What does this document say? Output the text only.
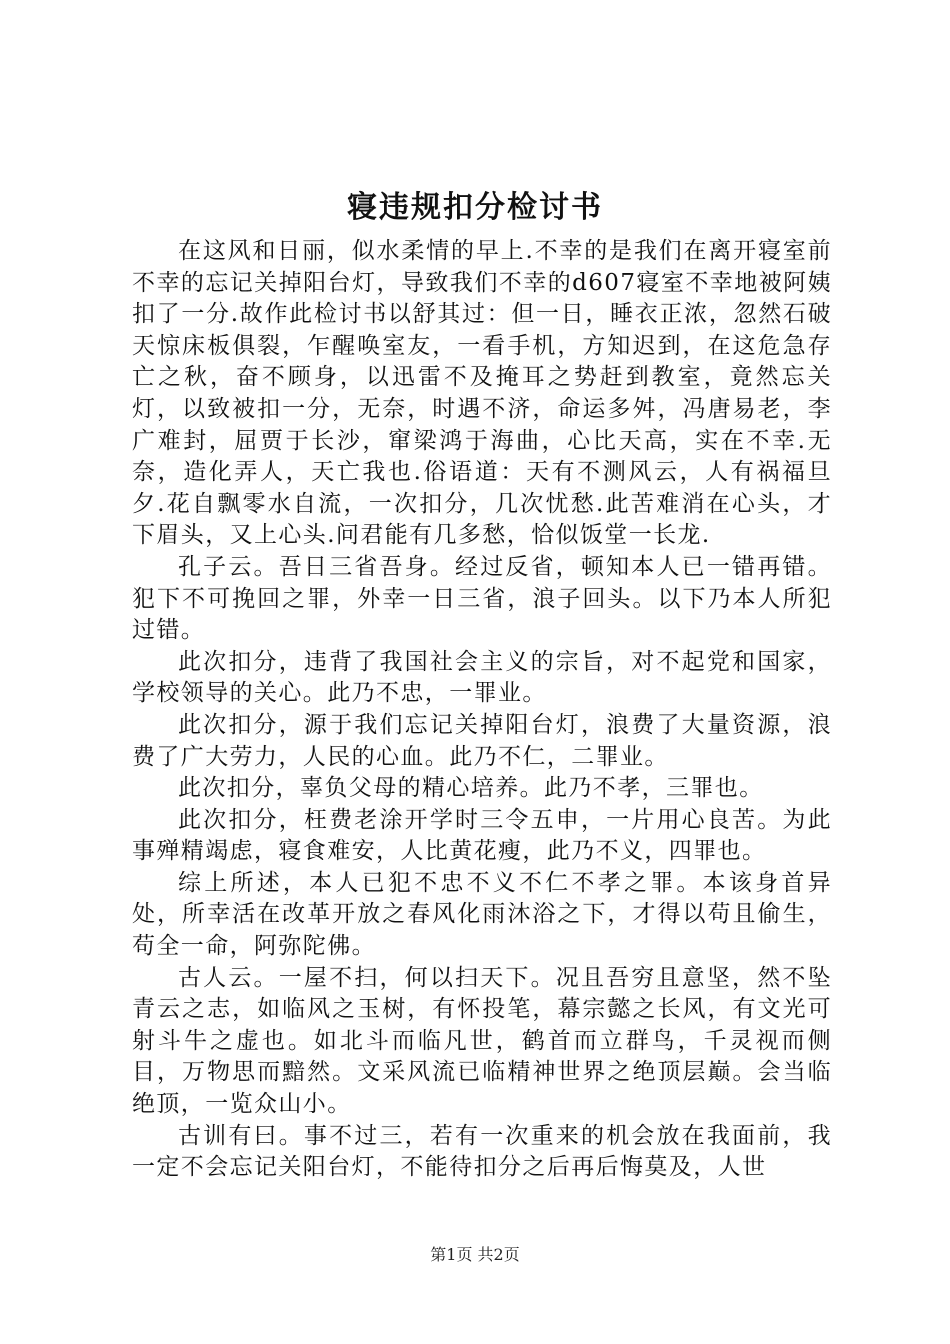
寝违规扣分检讨书

在这风和日丽，似水柔情的早上.不幸的是我们在离开寝室前不幸的忘记关掉阳台灯，导致我们不幸的d607寝室不幸地被阿姨扣了一分.故作此检讨书以舒其过：但一日，睡衣正浓，忽然石破天惊床板俱裂，乍醒唤室友，一看手机，方知迟到，在这危急存亡之秋，奋不顾身，以迅雷不及掩耳之势赶到教室，竟然忘关灯，以致被扣一分，无奈，时遇不济，命运多舛，冯唐易老，李广难封，屈贾于长沙，窜梁鸿于海曲，心比天高，实在不幸.无奈，造化弄人，天亡我也.俗语道：天有不测风云，人有祸福旦夕.花自飘零水自流，一次扣分，几次忧愁.此苦难消在心头，才下眉头，又上心头.问君能有几多愁，恰似饭堂一长龙.

孔子云。吾日三省吾身。经过反省，顿知本人已一错再错。犯下不可挽回之罪，外幸一日三省，浪子回头。以下乃本人所犯过错。

此次扣分，违背了我国社会主义的宗旨，对不起党和国家，学校领导的关心。此乃不忠，一罪业。

此次扣分，源于我们忘记关掉阳台灯，浪费了大量资源，浪费了广大劳力，人民的心血。此乃不仁，二罪业。

此次扣分，辜负父母的精心培养。此乃不孝，三罪也。

此次扣分，枉费老涂开学时三令五申，一片用心良苦。为此事殚精竭虑，寝食难安，人比黄花瘦，此乃不义，四罪也。

综上所述，本人已犯不忠不义不仁不孝之罪。本该身首异处，所幸活在改革开放之春风化雨沐浴之下，才得以苟且偷生，苟全一命，阿弥陀佛。

古人云。一屋不扫，何以扫天下。况且吾穷且意坚，然不坠青云之志，如临风之玉树，有怀投笔，幕宗懿之长风，有文光可射斗牛之虚也。如北斗而临凡世，鹤首而立群鸟，千灵视而侧目，万物思而黯然。文采风流已临精神世界之绝顶层巅。会当临绝顶，一览众山小。

古训有曰。事不过三，若有一次重来的机会放在我面前，我一定不会忘记关阳台灯，不能待扣分之后再后悔莫及，人世

第1页 共2页
